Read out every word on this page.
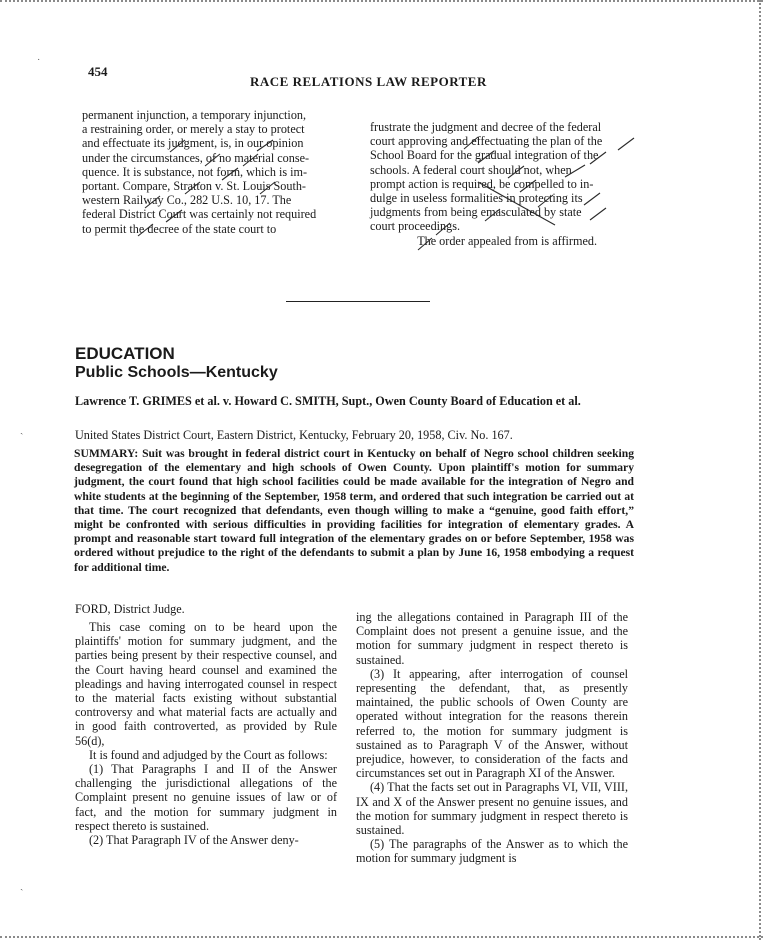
454
RACE RELATIONS LAW REPORTER
permanent injunction, a temporary injunction,
a restraining order, or merely a stay to protect
and effectuate its judgment, is, in our opinion
under the circumstances, of no material conse-
quence. It is substance, not form, which is im-
portant. Compare, Stratton v. St. Louis South-
western Railway Co., 282 U.S. 10, 17. The
federal District Court was certainly not required
to permit the decree of the state court to
frustrate the judgment and decree of the federal
court approving and effectuating the plan of the
School Board for the gradual integration of the
schools. A federal court should not, when
prompt action is required, be compelled to in-
dulge in useless formalities in protecting its
judgments from being emasculated by state
court proceedings.
The order appealed from is affirmed.
EDUCATION
Public Schools—Kentucky
Lawrence T. GRIMES et al. v. Howard C. SMITH, Supt., Owen County Board of Education et al.
United States District Court, Eastern District, Kentucky, February 20, 1958, Civ. No. 167.
SUMMARY: Suit was brought in federal district court in Kentucky on behalf of Negro school children seeking desegregation of the elementary and high schools of Owen County. Upon plaintiff's motion for summary judgment, the court found that high school facilities could be made available for the integration of Negro and white students at the beginning of the September, 1958 term, and ordered that such integration be carried out at that time. The court recognized that defendants, even though willing to make a “genuine, good faith effort,” might be confronted with serious difficulties in providing facilities for integration of elementary grades. A prompt and reasonable start toward full integration of the elementary grades on or before September, 1958 was ordered without prejudice to the right of the defendants to submit a plan by June 16, 1958 embodying a request for additional time.
FORD, District Judge.

This case coming on to be heard upon the plaintiffs' motion for summary judgment, and the parties being present by their respective counsel, and the Court having heard counsel and examined the pleadings and having interrogated counsel in respect to the material facts existing without substantial controversy and what material facts are actually and in good faith controverted, as provided by Rule 56(d),

It is found and adjudged by the Court as follows:

(1) That Paragraphs I and II of the Answer challenging the jurisdictional allegations of the Complaint present no genuine issues of law or of fact, and the motion for summary judgment in respect thereto is sustained.

(2) That Paragraph IV of the Answer deny-

ing the allegations contained in Paragraph III of the Complaint does not present a genuine issue, and the motion for summary judgment in respect thereto is sustained.

(3) It appearing, after interrogation of counsel representing the defendant, that, as presently maintained, the public schools of Owen County are operated without integration for the reasons therein referred to, the motion for summary judgment is sustained as to Paragraph V of the Answer, without prejudice, however, to consideration of the facts and circumstances set out in Paragraph XI of the Answer.

(4) That the facts set out in Paragraphs VI, VII, VIII, IX and X of the Answer present no genuine issues, and the motion for summary judgment in respect thereto is sustained.

(5) The paragraphs of the Answer as to which the motion for summary judgment is

˙
ˎ
ˎ
